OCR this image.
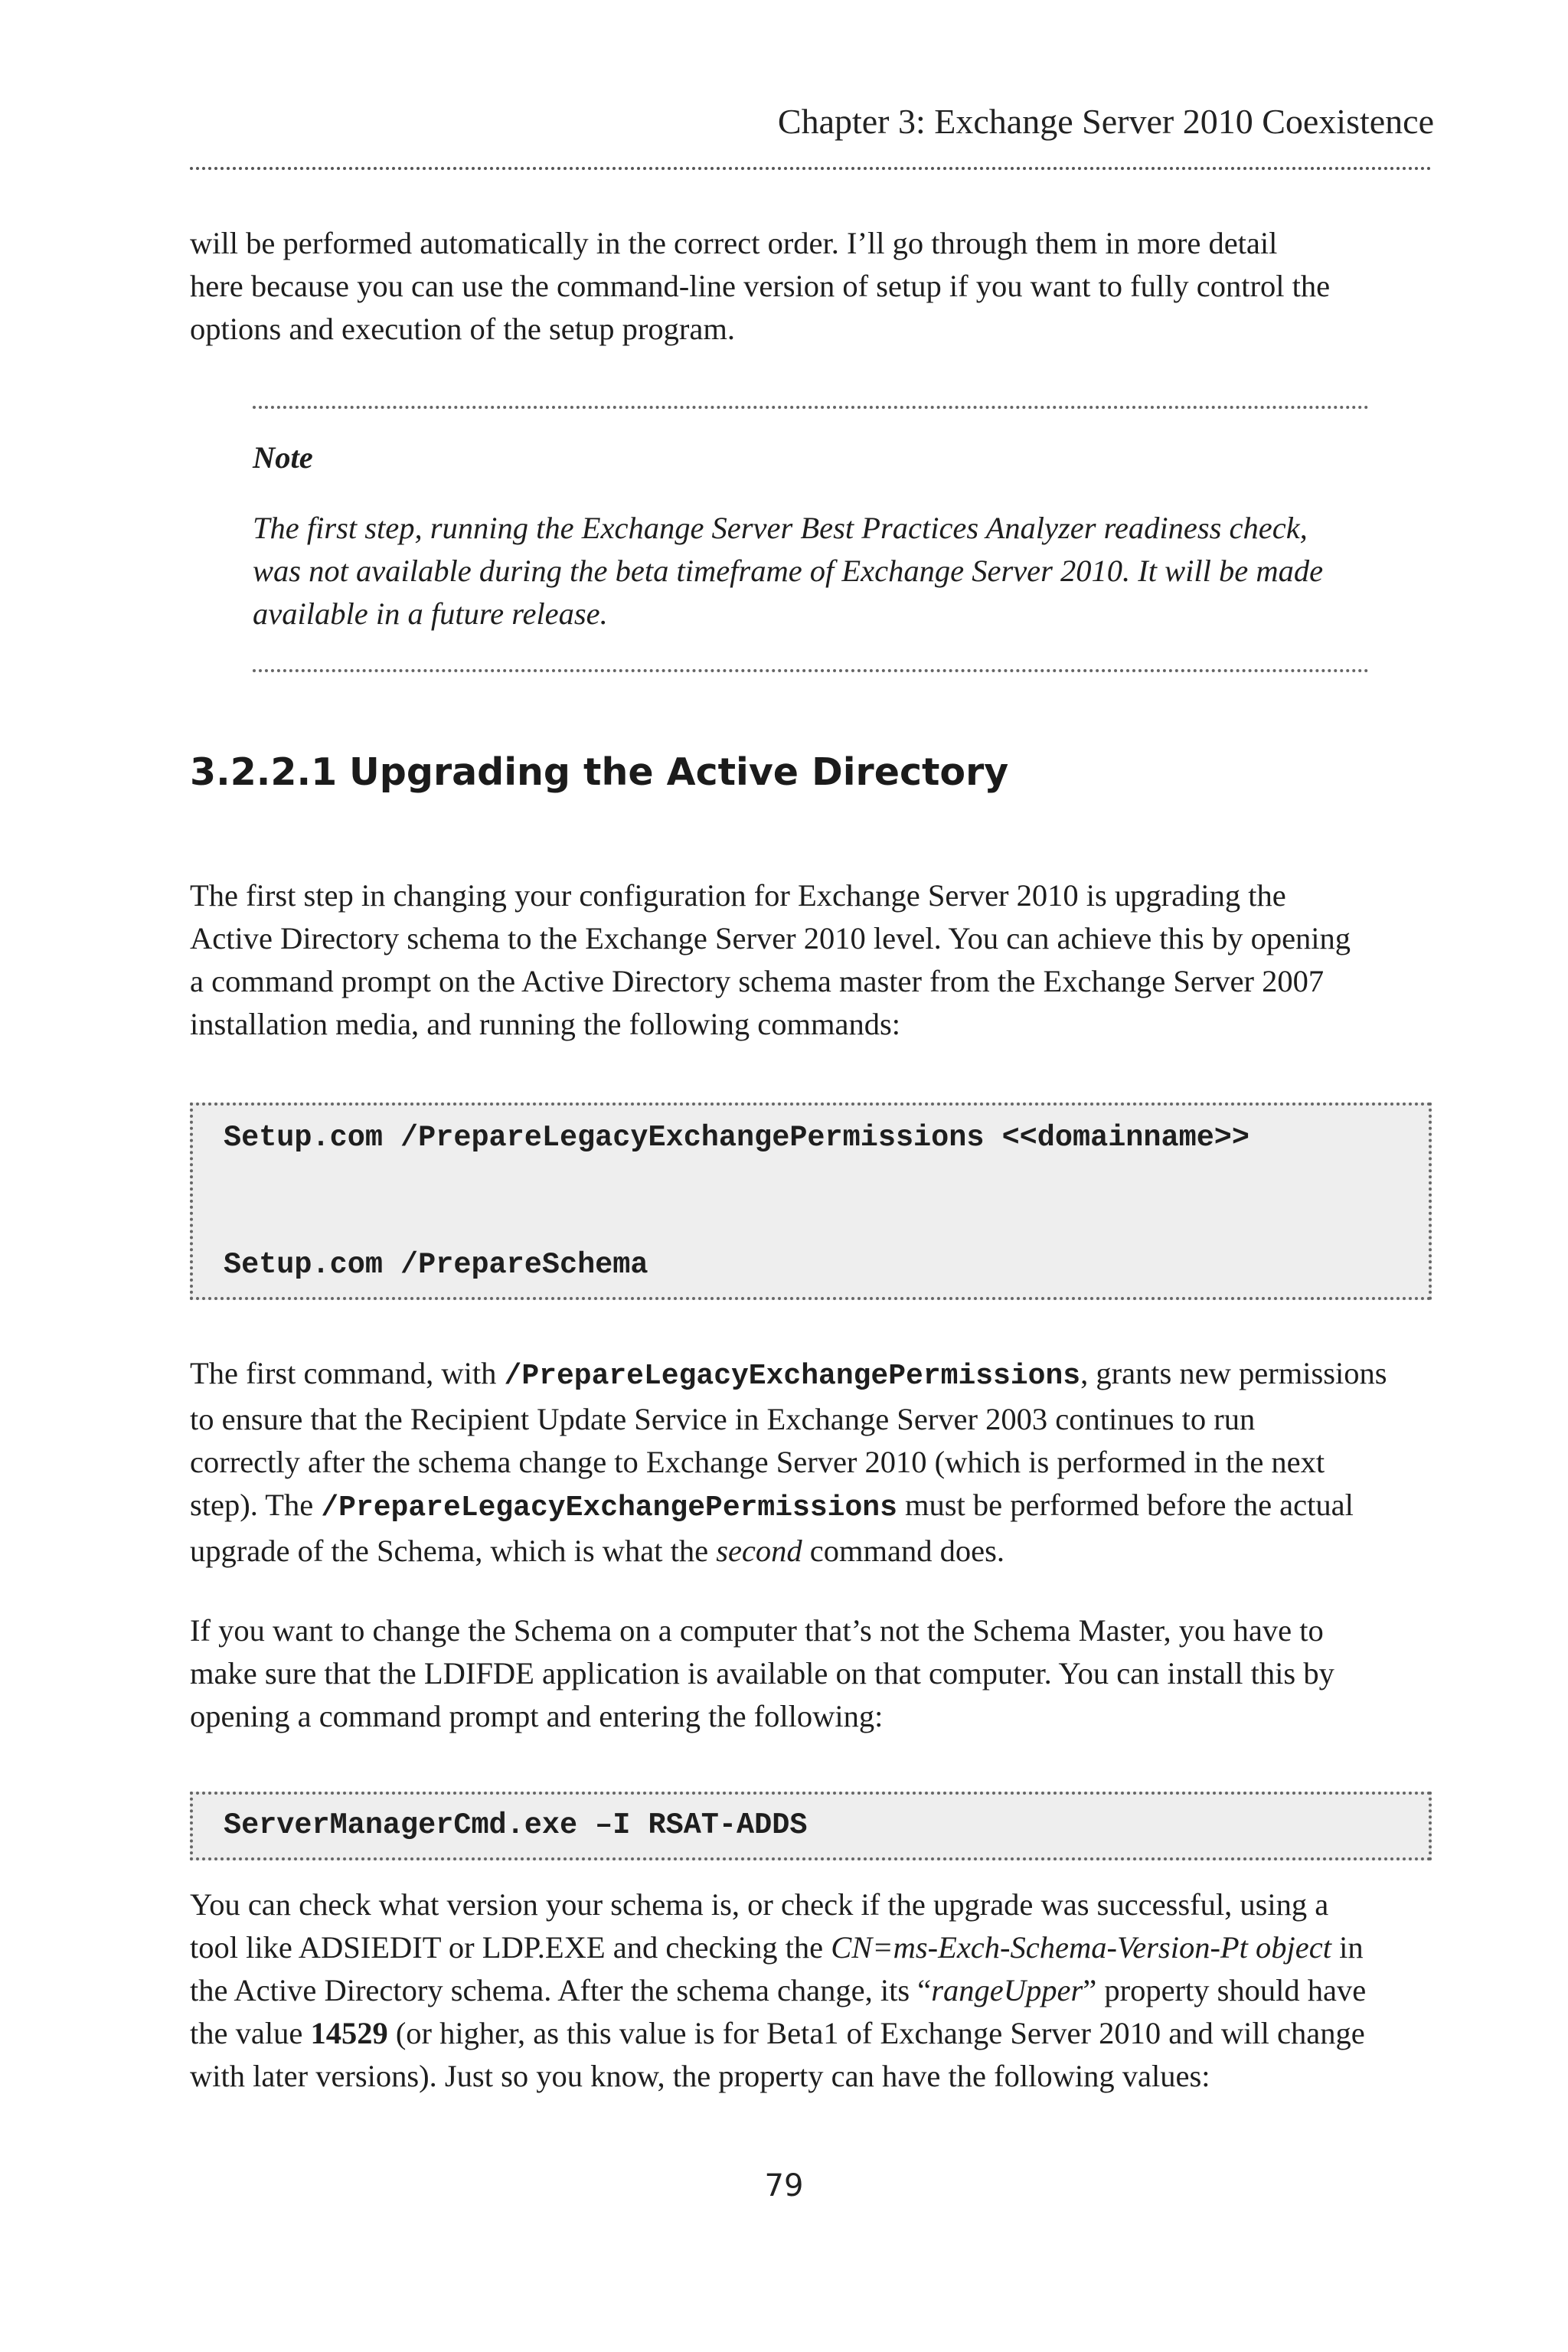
Chapter 3: Exchange Server 2010 Coexistence

will be performed automatically in the correct order. I’ll go through them in more detail
here because you can use the command-line version of setup if you want to fully control the
options and execution of the setup program.

Note

The first step, running the Exchange Server Best Practices Analyzer readiness check,
was not available during the beta timeframe of Exchange Server 2010. It will be made
available in a future release.

3.2.2.1 Upgrading the Active Directory

The first step in changing your configuration for Exchange Server 2010 is upgrading the
Active Directory schema to the Exchange Server 2010 level. You can achieve this by opening
a command prompt on the Active Directory schema master from the Exchange Server 2007
installation media, and running the following commands:

Setup.com /PrepareLegacyExchangePermissions <<domainname>>
Setup.com /PrepareSchema

The first command, with /PrepareLegacyExchangePermissions, grants new permissions
to ensure that the Recipient Update Service in Exchange Server 2003 continues to run
correctly after the schema change to Exchange Server 2010 (which is performed in the next
step). The /PrepareLegacyExchangePermissions must be performed before the actual
upgrade of the Schema, which is what the second command does.

If you want to change the Schema on a computer that’s not the Schema Master, you have to
make sure that the LDIFDE application is available on that computer. You can install this by
opening a command prompt and entering the following:

ServerManagerCmd.exe –I RSAT-ADDS

You can check what version your schema is, or check if the upgrade was successful, using a
tool like ADSIEDIT or LDP.EXE and checking the CN=ms-Exch-Schema-Version-Pt object in
the Active Directory schema. After the schema change, its “rangeUpper” property should have
the value 14529 (or higher, as this value is for Beta1 of Exchange Server 2010 and will change
with later versions). Just so you know, the property can have the following values:

79
